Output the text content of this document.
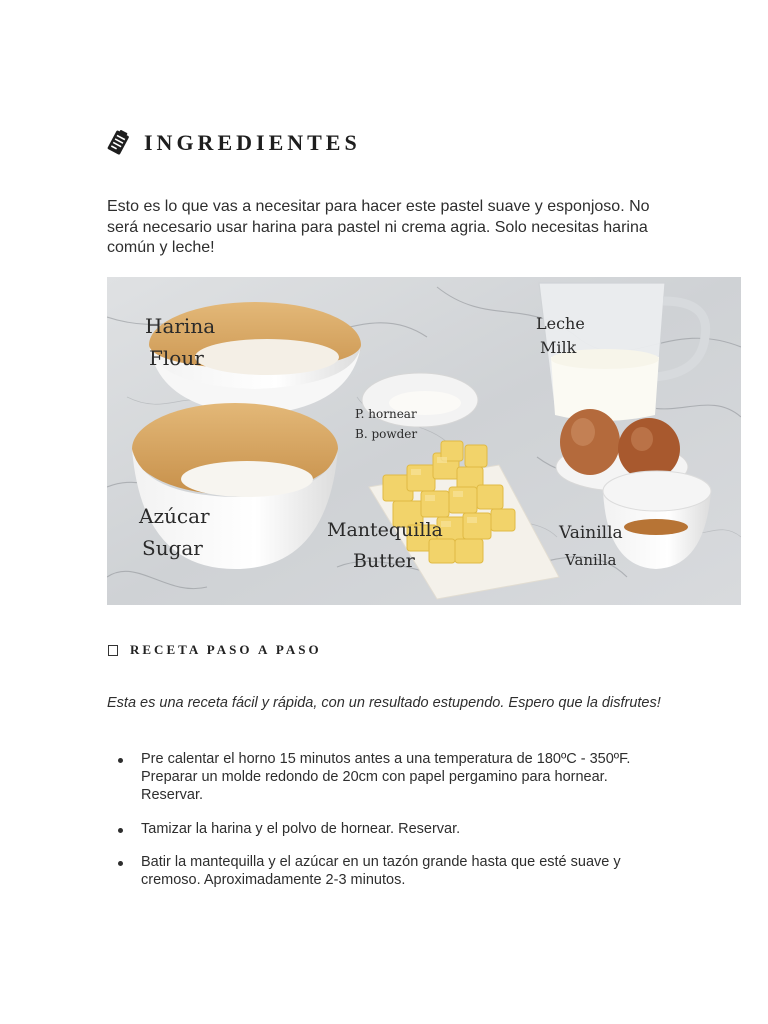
INGREDIENTES

Esto es lo que vas a necesitar para hacer este pastel suave y esponjoso. No será necesario usar harina para pastel ni crema agria. Solo necesitas harina común y leche!

Harina
Flour
Leche
Milk
P. hornear
B. powder
Azúcar
Sugar
Mantequilla
Butter
Vainilla
Vanilla
RECETA PASO A PASO

Esta es una receta fácil y rápida, con un resultado estupendo. Espero que la disfrutes!

Pre calentar el horno 15 minutos antes a una temperatura de 180ºC - 350ºF. Preparar un molde redondo de 20cm con papel pergamino para hornear. Reservar.
Tamizar la harina y el polvo de hornear. Reservar.
Batir la mantequilla y el azúcar en un tazón grande hasta que esté suave y cremoso. Aproximadamente 2-3 minutos.
